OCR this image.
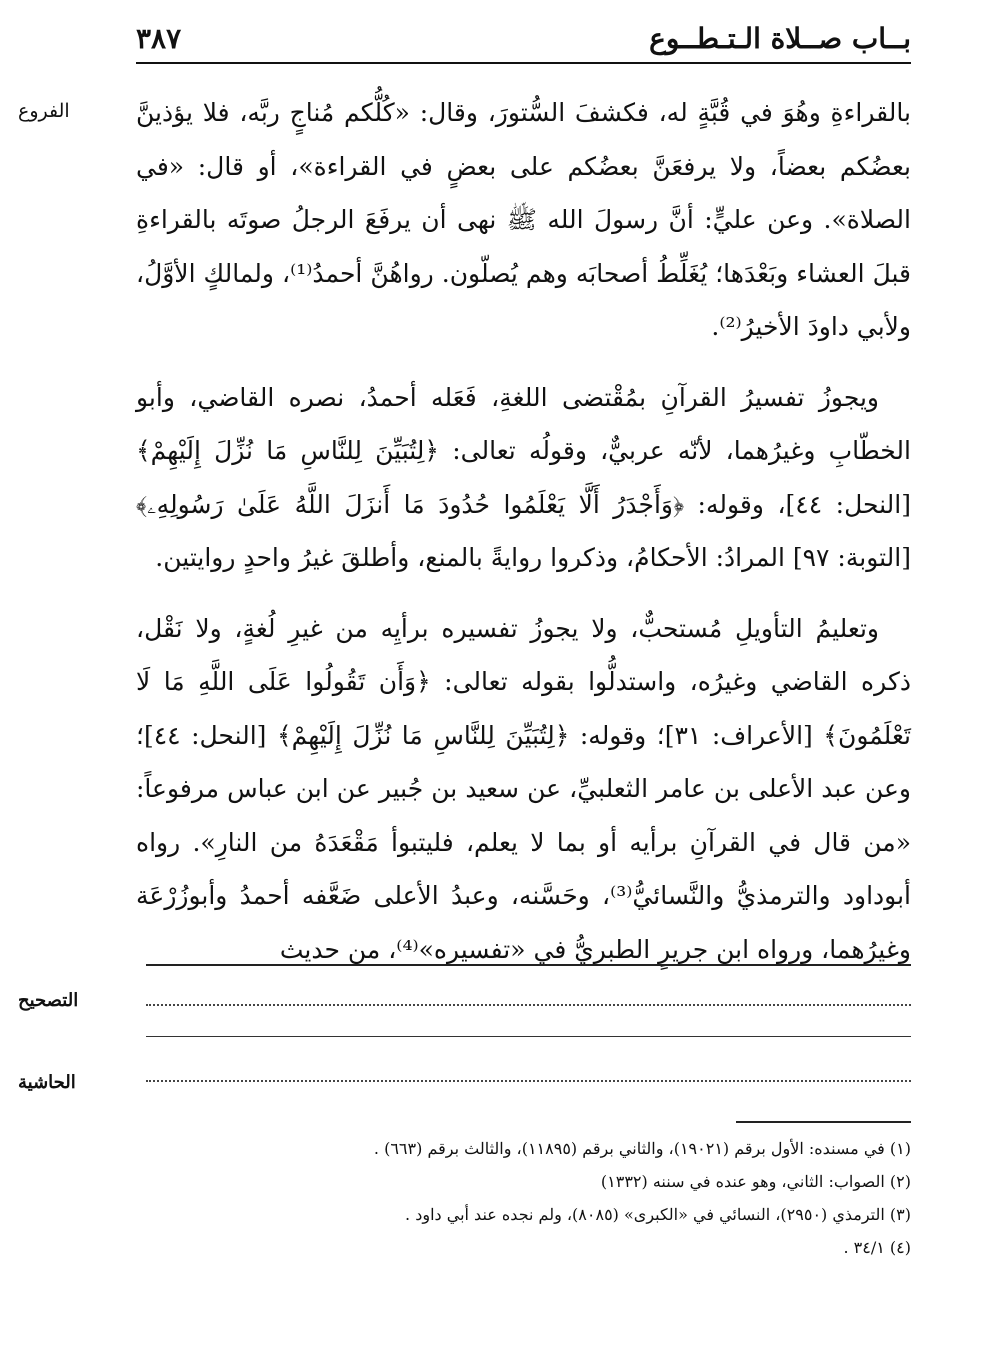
بــاب صــلاة الـتـطــوع
٣٨٧
الفروع	بالقراءةِ وهُوَ في قُبَّةٍ له، فكشفَ السُّتورَ، وقال: «كُلُّكم مُناجٍ ربَّه، فلا يؤذينَّ بعضُكم بعضاً، ولا يرفعَنَّ بعضُكم على بعضٍ في القراءة»، أو قال: «في الصلاة». وعن عليٍّ: أنَّ رسولَ الله ﷺ نهى أن يرفَعَ الرجلُ صوتَه بالقراءةِ قبلَ العشاء وبَعْدَها؛ يُغَلِّطُ أصحابَه وهم يُصلّون. رواهُنَّ أحمدُ⁽¹⁾، ولمالكٍ الأوَّلُ، ولأبي داودَ الأخيرُ⁽²⁾.

ويجوزُ تفسيرُ القرآنِ بمُقْتضى اللغةِ، فَعَله أحمدُ، نصره القاضي، وأبو الخطّابِ وغيرُهما، لأنّه عربيٌّ، وقولُه تعالى: ﴿لِتُبَيِّنَ لِلنَّاسِ مَا نُزِّلَ إِلَيْهِمْ﴾ [النحل: ٤٤]، وقوله: ﴿وَأَجْدَرُ أَلَّا يَعْلَمُوا حُدُودَ مَا أَنزَلَ اللَّهُ عَلَىٰ رَسُولِهِۦ﴾ [التوبة: ٩٧] المرادُ: الأحكامُ، وذكروا روايةً بالمنع، وأطلقَ غيرُ واحدٍ روايتين.

وتعليمُ التأويلِ مُستحبٌّ، ولا يجوزُ تفسيره برأيِه من غيرِ لُغةٍ، ولا نَقْل، ذكره القاضي وغيرُه، واستدلُّوا بقوله تعالى: ﴿وَأَن تَقُولُوا عَلَى اللَّهِ مَا لَا تَعْلَمُونَ﴾ [الأعراف: ٣١]؛ وقوله: ﴿لِتُبَيِّنَ لِلنَّاسِ مَا نُزِّلَ إِلَيْهِمْ﴾ [النحل: ٤٤]؛ وعن عبد الأعلى بن عامر الثعلبيِّ، عن سعيد بن جُبير عن ابن عباس مرفوعاً: «من قال في القرآنِ برأيه أو بما لا يعلم، فليتبوأ مَقْعَدَهُ من النارِ». رواه أبوداود والترمذيُّ والنَّسائيُّ⁽³⁾، وحَسَّنه، وعبدُ الأعلى ضَعَّفه أحمدُ وأبوزُرْعَة وغيرُهما، ورواه ابن جريرٍ الطبريُّ في «تفسيره»⁽⁴⁾، من حديث

التصحيح
الحاشية
(١) في مسنده: الأول برقم (١٩٠٢١)، والثاني برقم (١١٨٩٥)، والثالث برقم (٦٦٣) .
(٢) الصواب: الثاني، وهو عنده في سننه (١٣٣٢)
(٣) الترمذي (٢٩٥٠)، النسائي في «الكبرى» (٨٠٨٥)، ولم نجده عند أبي داود .
(٤) ٣٤/١ .
